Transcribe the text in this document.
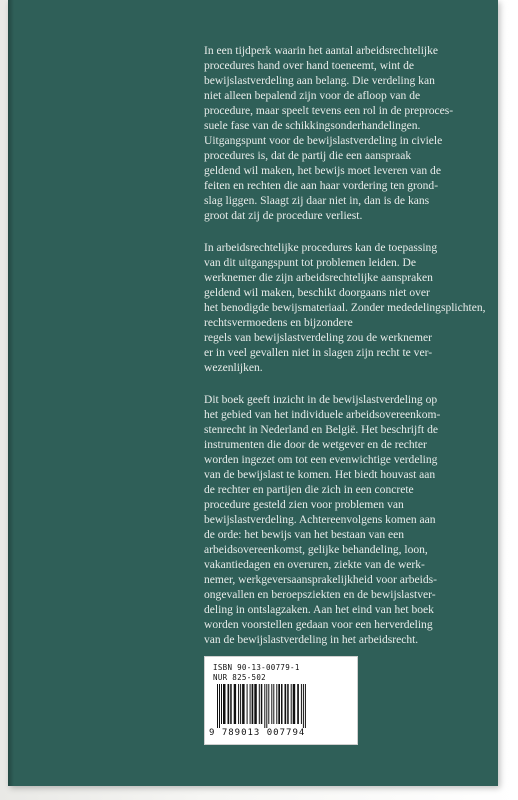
In een tijdperk waarin het aantal arbeidsrechtelijke
procedures hand over hand toeneemt, wint de
bewijslastverdeling aan belang. Die verdeling kan
niet alleen bepalend zijn voor de afloop van de
procedure, maar speelt tevens een rol in de preproces-
suele fase van de schikkingsonderhandelingen.
Uitgangspunt voor de bewijslastverdeling in civiele
procedures is, dat de partij die een aanspraak
geldend wil maken, het bewijs moet leveren van de
feiten en rechten die aan haar vordering ten grond-
slag liggen. Slaagt zij daar niet in, dan is de kans
groot dat zij de procedure verliest.

In arbeidsrechtelijke procedures kan de toepassing
van dit uitgangspunt tot problemen leiden. De
werknemer die zijn arbeidsrechtelijke aanspraken
geldend wil maken, beschikt doorgaans niet over
het benodigde bewijsmateriaal. Zonder mededelingsplichten,
rechtsvermoedens en bijzondere
regels van bewijslastverdeling zou de werknemer
er in veel gevallen niet in slagen zijn recht te ver-
wezenlijken.

Dit boek geeft inzicht in de bewijslastverdeling op
het gebied van het individuele arbeidsovereenkom-
stenrecht in Nederland en België. Het beschrijft de
instrumenten die door de wetgever en de rechter
worden ingezet om tot een evenwichtige verdeling
van de bewijslast te komen. Het biedt houvast aan
de rechter en partijen die zich in een concrete
procedure gesteld zien voor problemen van
bewijslastverdeling. Achtereenvolgens komen aan
de orde: het bewijs van het bestaan van een
arbeidsovereenkomst, gelijke behandeling, loon,
vakantiedagen en overuren, ziekte van de werk-
nemer, werkgeversaansprakelijkheid voor arbeids-
ongevallen en beroepsziekten en de bewijslastver-
deling in ontslagzaken. Aan het eind van het boek
worden voorstellen gedaan voor een herverdeling
van de bewijslastverdeling in het arbeidsrecht.

ISBN 90-13-00779-1
NUR 825-502
9 789013 007794
